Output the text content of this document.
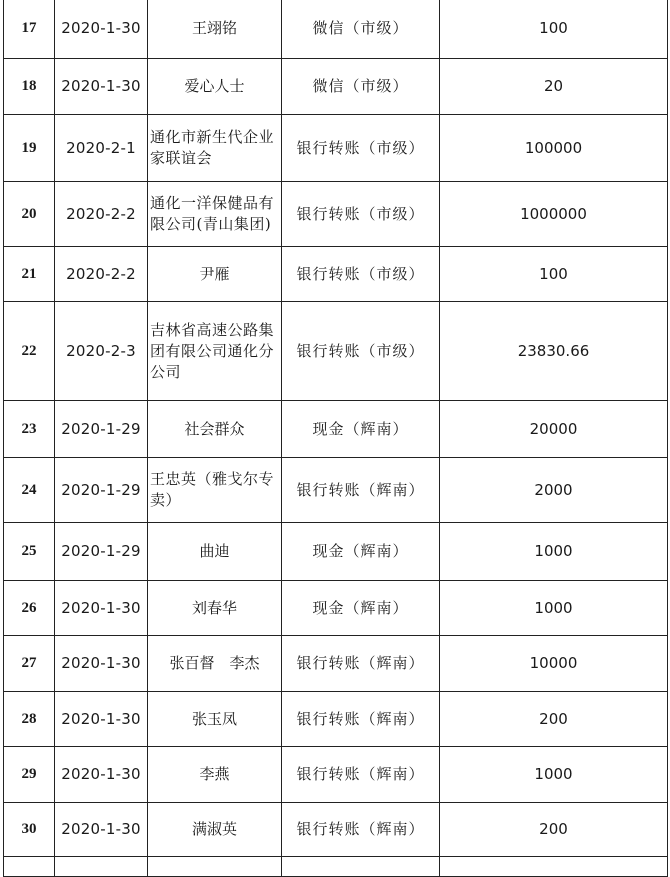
17	2020-1-30	王翊铭	微信（市级）	100
18	2020-1-30	爱心人士	微信（市级）	20
19	2020-2-1	通化市新生代企业家联谊会	银行转账（市级）	100000
20	2020-2-2	通化一洋保健品有限公司(青山集团)	银行转账（市级）	1000000
21	2020-2-2	尹雁	银行转账（市级）	100
22	2020-2-3	吉林省高速公路集团有限公司通化分公司	银行转账（市级）	23830.66
23	2020-1-29	社会群众	现金（辉南）	20000
24	2020-1-29	王忠英（雅戈尔专卖）	银行转账（辉南）	2000
25	2020-1-29	曲迪	现金（辉南）	1000
26	2020-1-30	刘春华	现金（辉南）	1000
27	2020-1-30	张百督　李杰	银行转账（辉南）	10000
28	2020-1-30	张玉凤	银行转账（辉南）	200
29	2020-1-30	李燕	银行转账（辉南）	1000
30	2020-1-30	满淑英	银行转账（辉南）	200
